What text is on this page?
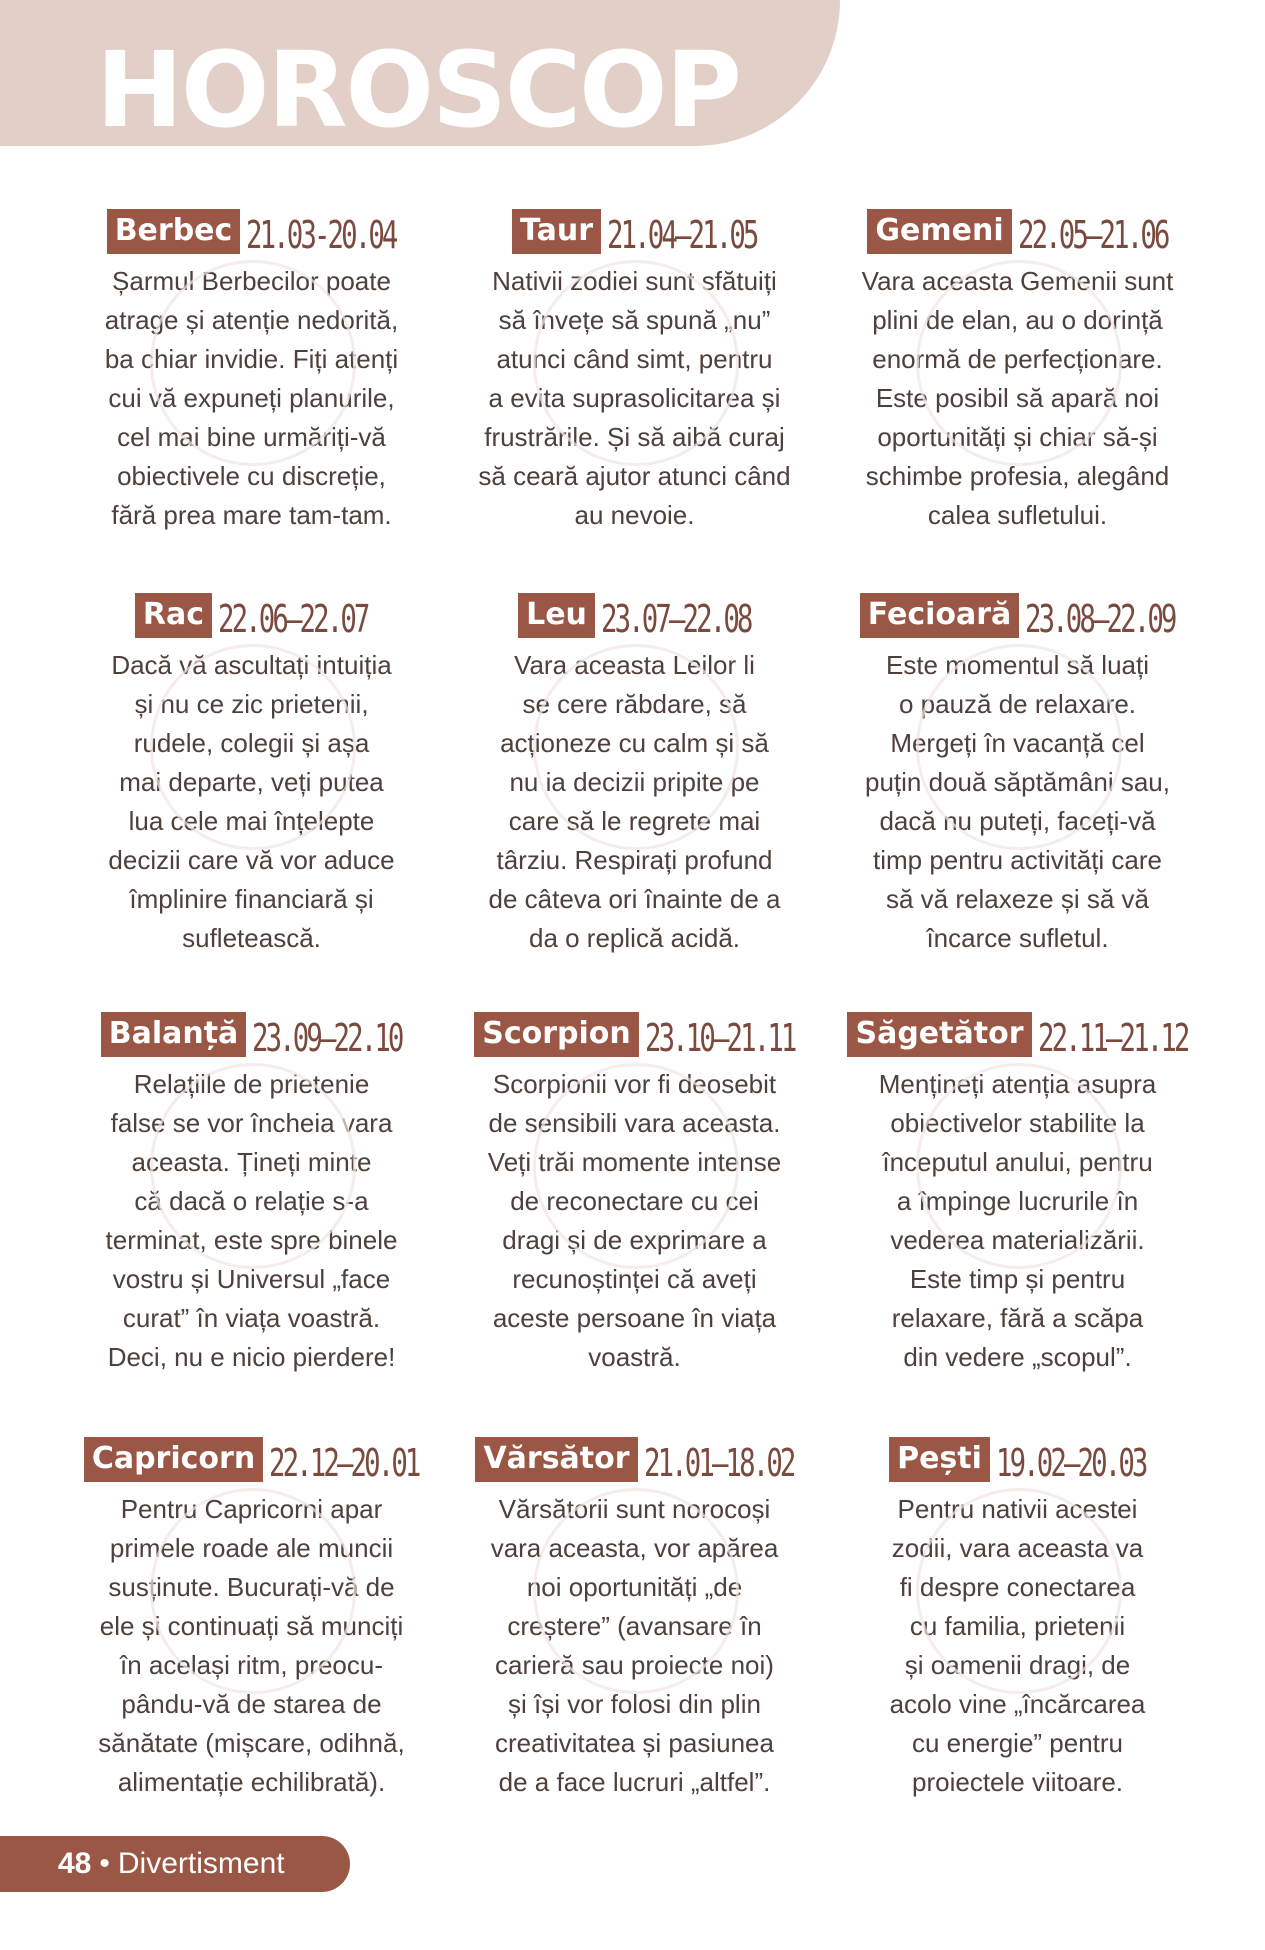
HOROSCOP
Berbec 21.03-20.04

Șarmul Berbecilor poate
atrage și atenție nedorită,
ba chiar invidie. Fiți atenți
cui vă expuneți planurile,
cel mai bine urmăriți-vă
obiectivele cu discreție,
fără prea mare tam-tam.

Taur 21.04–21.05

Nativii zodiei sunt sfătuiți
să învețe să spună „nu”
atunci când simt, pentru
a evita suprasolicitarea și
frustrările. Și să aibă curaj
să ceară ajutor atunci când
au nevoie.

Gemeni 22.05–21.06

Vara aceasta Gemenii sunt
plini de elan, au o dorință
enormă de perfecționare.
Este posibil să apară noi
oportunități și chiar să-și
schimbe profesia, alegând
calea sufletului.

Rac 22.06–22.07

Dacă vă ascultați intuiția
și nu ce zic prietenii,
rudele, colegii și așa
mai departe, veți putea
lua cele mai înțelepte
decizii care vă vor aduce
împlinire financiară și
sufletească.

Leu 23.07–22.08

Vara aceasta Leilor li
se cere răbdare, să
acționeze cu calm și să
nu ia decizii pripite pe
care să le regrete mai
târziu. Respirați profund
de câteva ori înainte de a
da o replică acidă.

Fecioară 23.08–22.09

Este momentul să luați
o pauză de relaxare.
Mergeți în vacanță cel
puțin două săptămâni sau,
dacă nu puteți, faceți-vă
timp pentru activități care
să vă relaxeze și să vă
încarce sufletul.

Balanță 23.09–22.10

Relațiile de prietenie
false se vor încheia vara
aceasta. Țineți minte
că dacă o relație s-a
terminat, este spre binele
vostru și Universul „face
curat” în viața voastră.
Deci, nu e nicio pierdere!

Scorpion 23.10–21.11

Scorpionii vor fi deosebit
de sensibili vara aceasta.
Veți trăi momente intense
de reconectare cu cei
dragi și de exprimare a
recunoștinței că aveți
aceste persoane în viața
voastră.

Săgetător 22.11–21.12

Mențineți atenția asupra
obiectivelor stabilite la
începutul anului, pentru
a împinge lucrurile în
vederea materializării.
Este timp și pentru
relaxare, fără a scăpa
din vedere „scopul”.

Capricorn 22.12–20.01

Pentru Capricorni apar
primele roade ale muncii
susținute. Bucurați-vă de
ele și continuați să munciți
în același ritm, preocu-
pându-vă de starea de
sănătate (mișcare, odihnă,
alimentație echilibrată).

Vărsător 21.01–18.02

Vărsătorii sunt norocoși
vara aceasta, vor apărea
noi oportunități „de
creștere” (avansare în
carieră sau proiecte noi)
și își vor folosi din plin
creativitatea și pasiunea
de a face lucruri „altfel”.

Pești 19.02–20.03

Pentru nativii acestei
zodii, vara aceasta va
fi despre conectarea
cu familia, prietenii
și oamenii dragi, de
acolo vine „încărcarea
cu energie” pentru
proiectele viitoare.

48 • Divertisment
